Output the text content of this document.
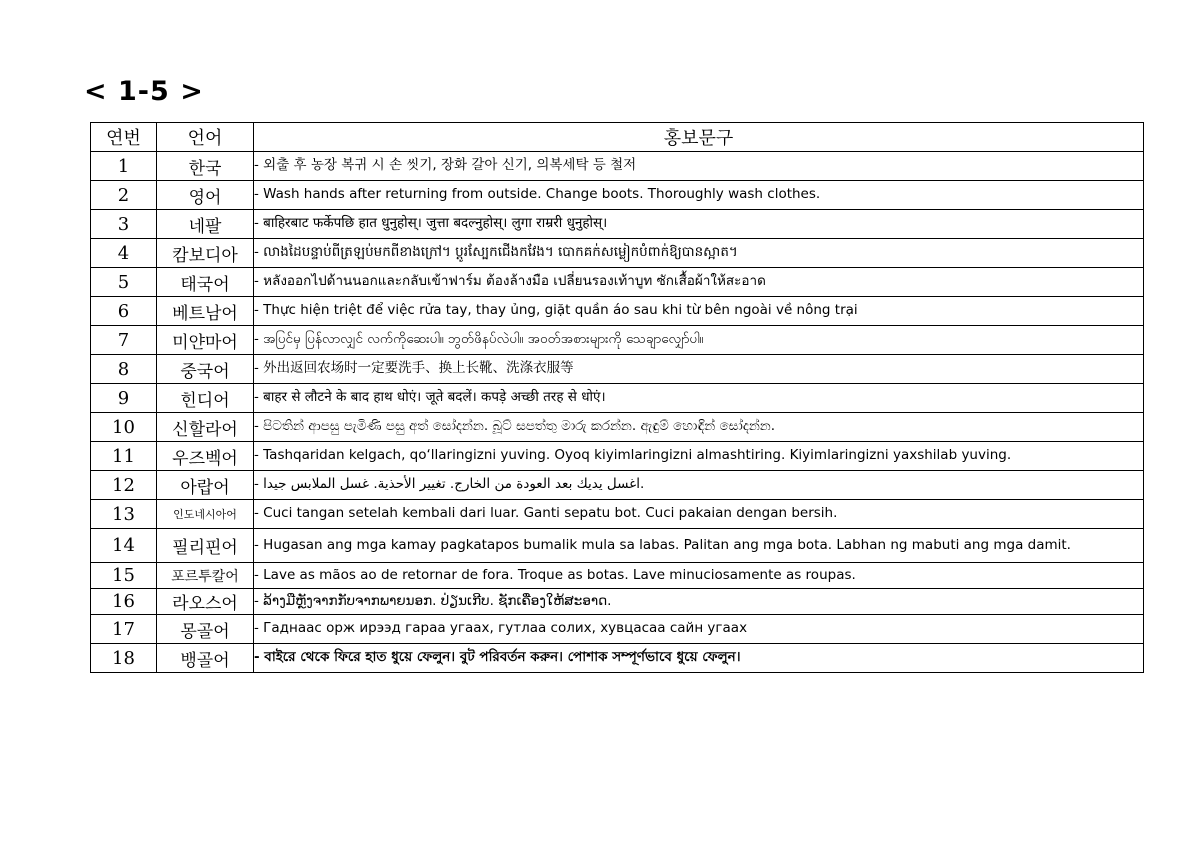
< 1-5 >
연번	언어	홍보문구
1	한국	- 외출 후 농장 복귀 시 손 씻기, 장화 갈아 신기, 의복세탁 등 철저
2	영어	- Wash hands after returning from outside. Change boots. Thoroughly wash clothes.
3	네팔	- बाहिरबाट फर्केपछि हात धुनुहोस्। जुत्ता बदल्नुहोस्। लुगा राम्ररी धुनुहोस्।
4	캄보디아	- លាងដៃបន្ទាប់ពីត្រឡប់មកពីខាងក្រៅ។ ប្តូរស្បែកជើងកវែង។ បោកគក់សម្លៀកបំពាក់ឱ្យបានស្អាត។
5	태국어	- หลังออกไปด้านนอกและกลับเข้าฟาร์ม ต้องล้างมือ เปลี่ยนรองเท้าบูท ซักเสื้อผ้าให้สะอาด
6	베트남어	- Thực hiện triệt để việc rửa tay, thay ủng, giặt quần áo sau khi từ bên ngoài về nông trại
7	미얀마어	- အပြင်မှ ပြန်လာလျှင် လက်ကိုဆေးပါ။ ဘွတ်ဖိနပ်လဲပါ။ အဝတ်အစားများကို သေချာလျှော်ပါ။
8	중국어	- 外出返回农场时一定要洗手、换上长靴、洗涤衣服等
9	힌디어	- बाहर से लौटने के बाद हाथ धोएं। जूते बदलें। कपड़े अच्छी तरह से धोएं।
10	신할라어	- පිටතින් ආපසු පැමිණි පසු අත් සෝදන්න. බූට් සපත්තු මාරු කරන්න. ඇඳුම් හොඳින් සෝදන්න.
11	우즈벡어	- Tashqaridan kelgach, qo‘llaringizni yuving. Oyoq kiyimlaringizni almashtiring. Kiyimlaringizni yaxshilab yuving.
12	아랍어	- اغسل يديك بعد العودة من الخارج. تغيير الأحذية. غسل الملابس جيدا.
13	인도네시아어	- Cuci tangan setelah kembali dari luar. Ganti sepatu bot. Cuci pakaian dengan bersih.
14	필리핀어	- Hugasan ang mga kamay pagkatapos bumalik mula sa labas. Palitan ang mga bota. Labhan ng mabuti ang mga damit.
15	포르투칼어	- Lave as mãos ao de retornar de fora. Troque as botas. Lave minuciosamente as roupas.
16	라오스어	- ລ້າງມືຫຼັງຈາກກັບຈາກພາຍນອກ. ປ່ຽນເກີບ. ຊັກເຄື່ອງໃຫ້ສະອາດ.
17	몽골어	- Гаднаас орж ирээд гараа угаах, гутлаа солих, хувцасаа сайн угаах
18	뱅골어	- বাইরে থেকে ফিরে হাত ধুয়ে ফেলুন। বুট পরিবর্তন করুন। পোশাক সম্পূর্ণভাবে ধুয়ে ফেলুন।
